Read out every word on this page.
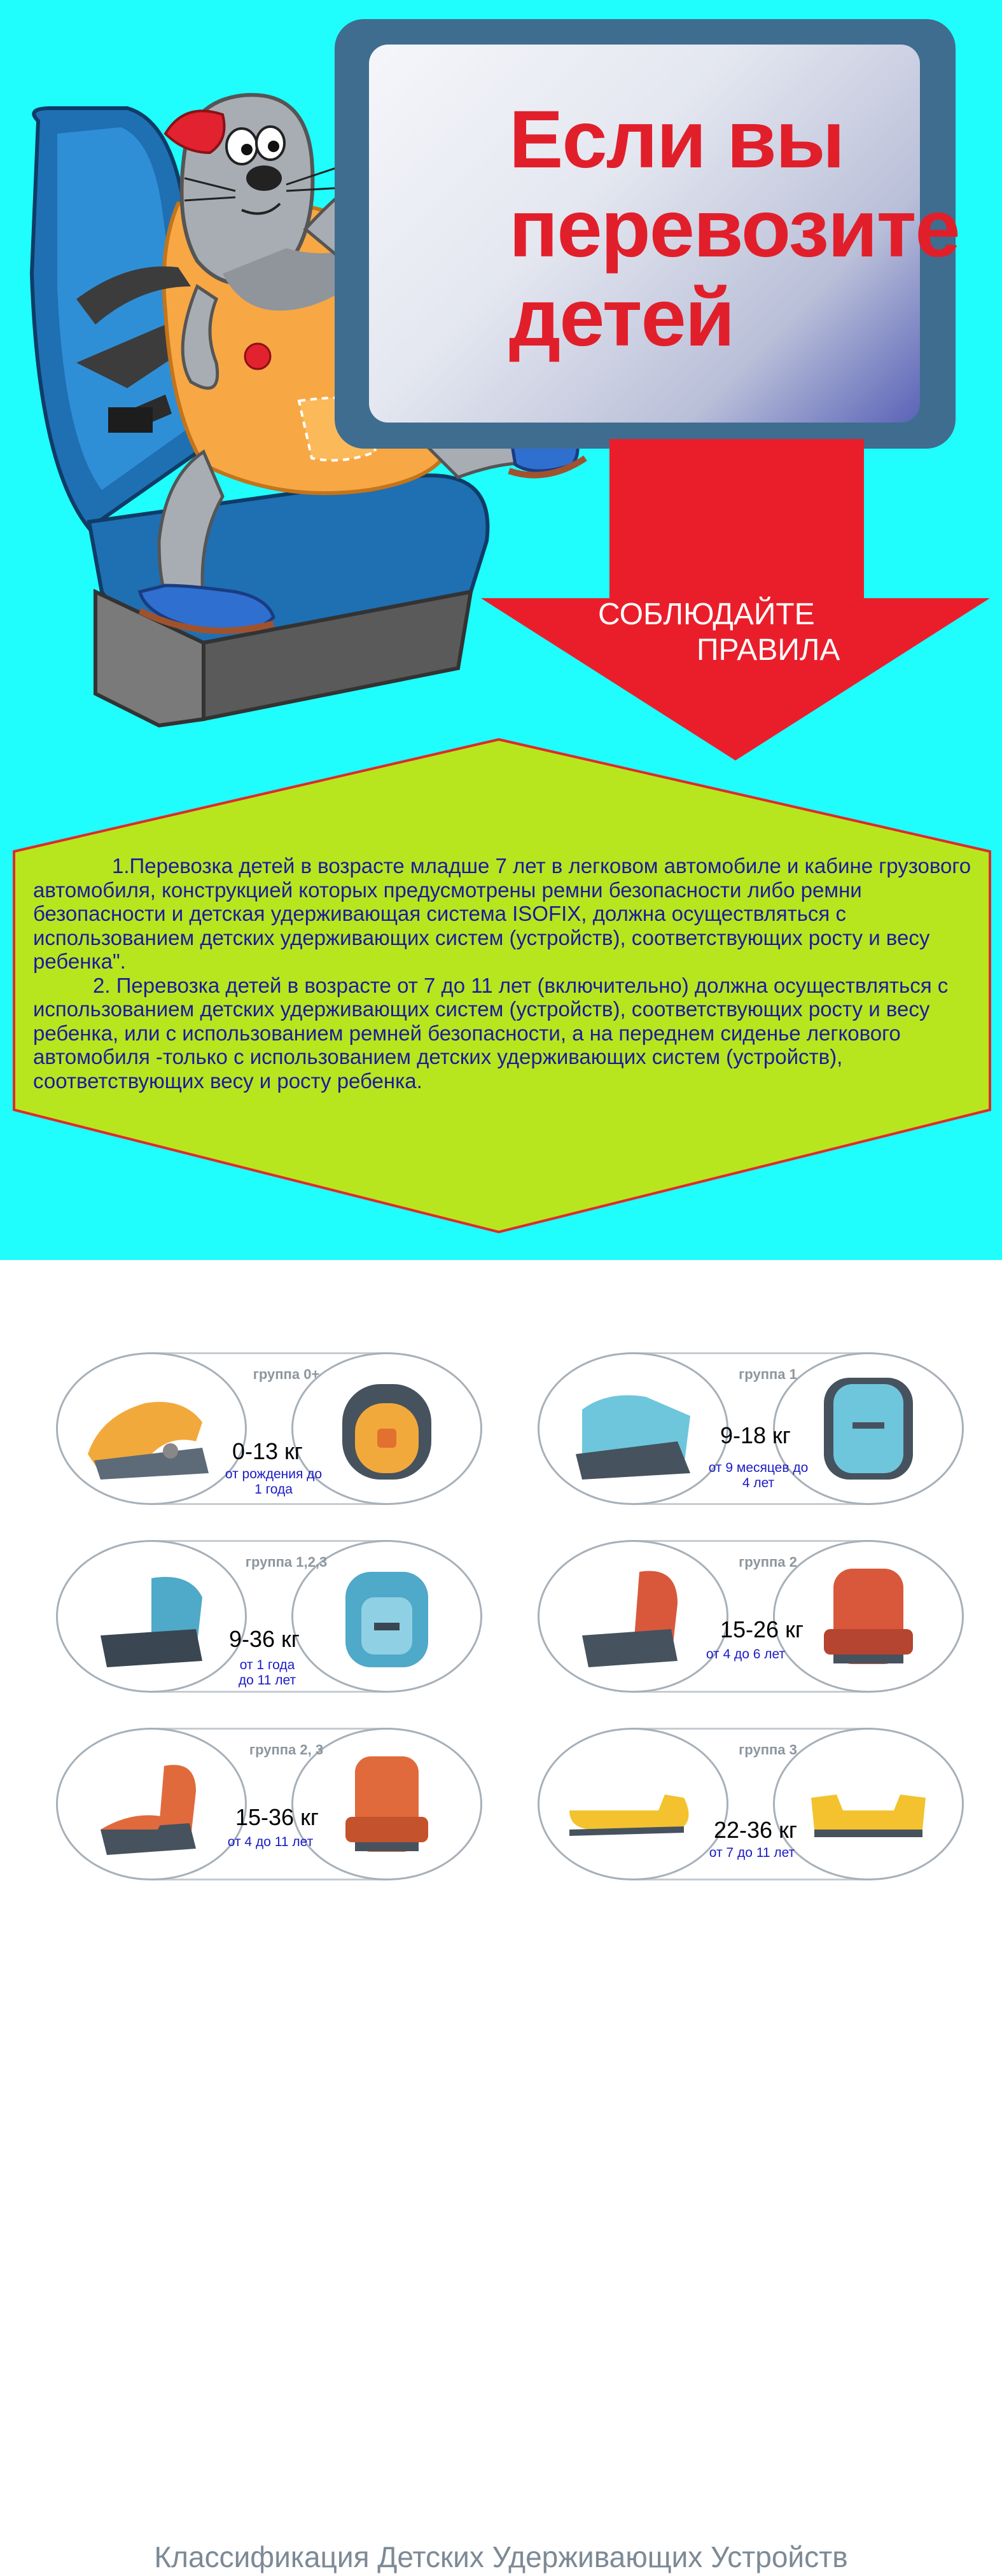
Если вы
перевозите
детей
СОБЛЮДАЙТЕ
ПРАВИЛА

1.Перевозка детей в возрасте младше 7 лет в легковом автомобиле и кабине грузового автомобиля, конструкцией которых предусмотрены ремни безопасности либо ремни безопасности и детская удерживающая система ISOFIX, должна осуществляться с использованием детских удерживающих систем (устройств), соответствующих росту и весу ребенка".

2. Перевозка детей в возрасте от 7 до 11 лет (включительно) должна осуществляться с использованием детских удерживающих систем (устройств), соответствующих росту и весу ребенка, или с использованием ремней безопасности, а на переднем сиденье легкового автомобиля -только с использованием детских удерживающих систем (устройств), соответствующих весу и росту ребенка.

Классификация Детских Удерживающих Устройств
группа 0+
0-13 кг
от рождения до
1 года
группа 1
9-18 кг
от 9 месяцев до
4 лет
группа 1,2,3
9-36 кг
от 1 года
до 11 лет
группа 2
15-26 кг
от 4 до 6 лет
группа 2, 3
15-36 кг
от 4 до 11 лет
группа 3
22-36 кг
от 7 до 11 лет
